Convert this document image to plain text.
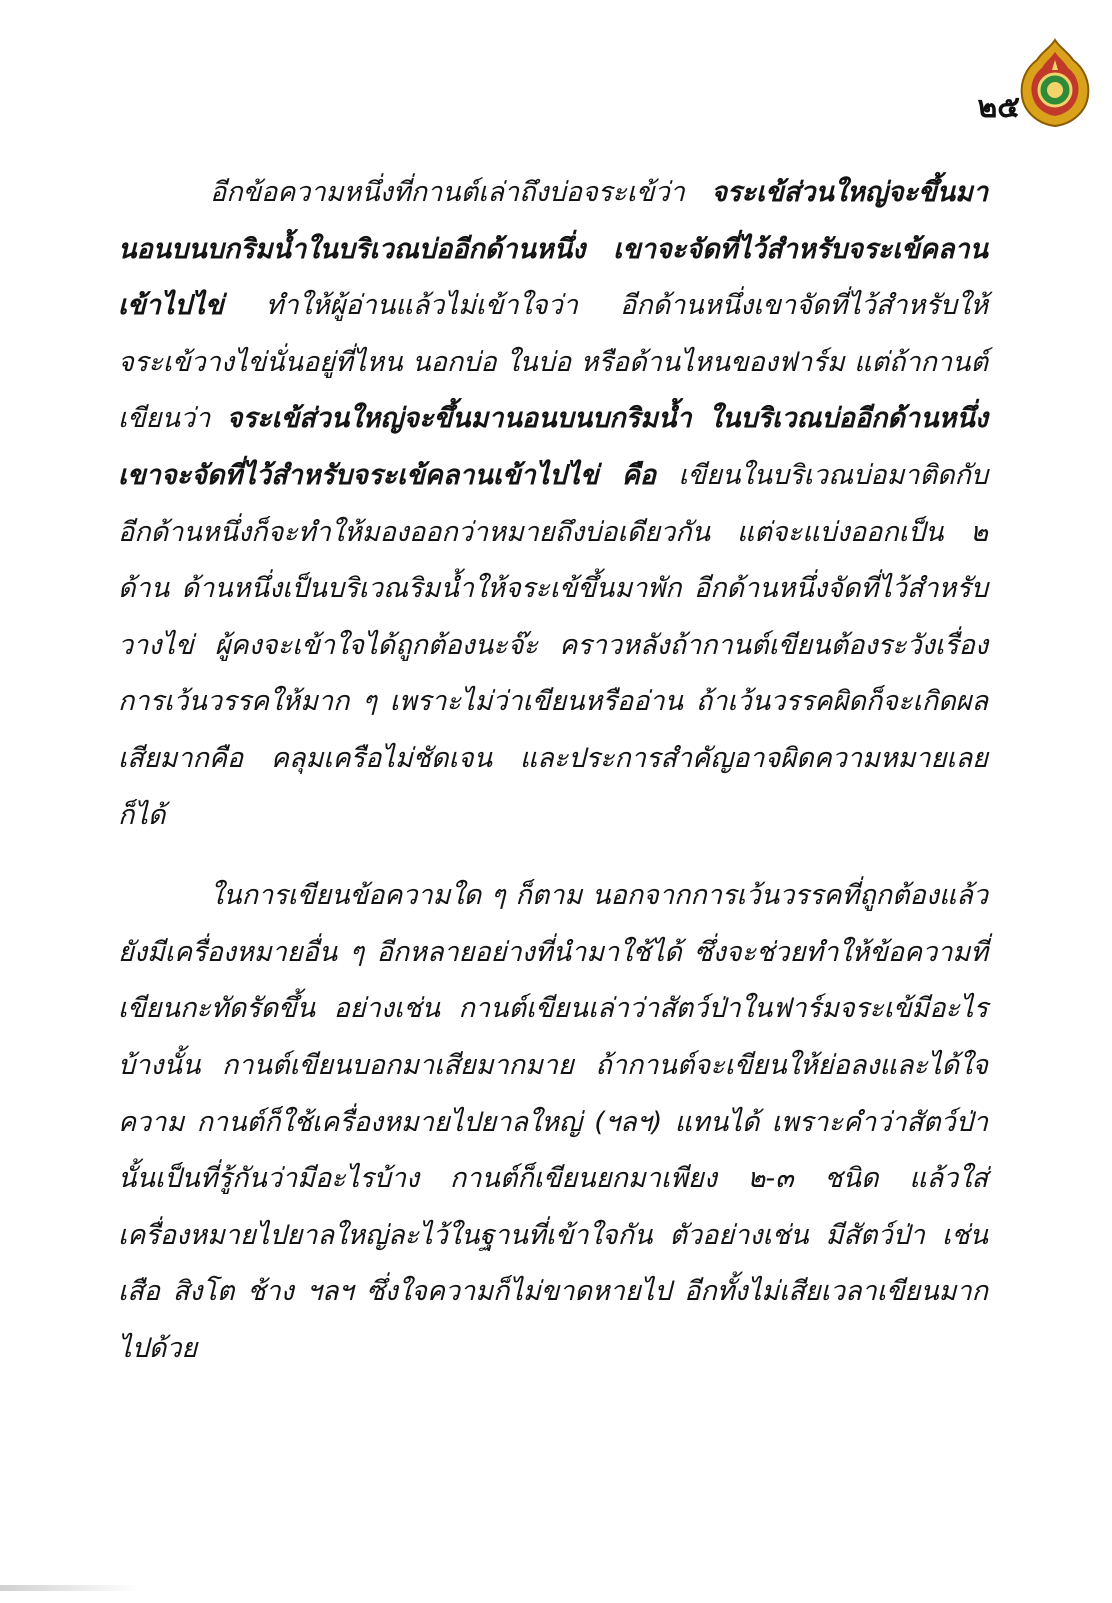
๒๕

อีกข้อความหนึ่งที่กานต์เล่าถึงบ่อจระเข้ว่า จระเข้ส่วนใหญ่จะขึ้นมานอนบนบกริมน้ำในบริเวณบ่ออีกด้านหนึ่ง เขาจะจัดที่ไว้สำหรับจระเข้คลานเข้าไปไข่ ทำให้ผู้อ่านแล้วไม่เข้าใจว่า อีกด้านหนึ่งเขาจัดที่ไว้สำหรับให้จระเข้วางไข่นั่นอยู่ที่ไหน นอกบ่อ ในบ่อ หรือด้านไหนของฟาร์ม แต่ถ้ากานต์เขียนว่า จระเข้ส่วนใหญ่จะขึ้นมานอนบนบกริมน้ำ ในบริเวณบ่ออีกด้านหนึ่ง เขาจะจัดที่ไว้สำหรับจระเข้คลานเข้าไปไข่ คือ เขียนในบริเวณบ่อมาติดกับอีกด้านหนึ่งก็จะทำให้มองออกว่าหมายถึงบ่อเดียวกัน แต่จะแบ่งออกเป็น ๒ ด้าน ด้านหนึ่งเป็นบริเวณริมน้ำให้จระเข้ขึ้นมาพัก อีกด้านหนึ่งจัดที่ไว้สำหรับวางไข่ ผู้คงจะเข้าใจได้ถูกต้องนะจ๊ะ คราวหลังถ้ากานต์เขียนต้องระวังเรื่อง การเว้นวรรคให้มาก ๆ เพราะไม่ว่าเขียนหรืออ่าน ถ้าเว้นวรรคผิดก็จะเกิดผลเสียมากคือ คลุมเครือไม่ชัดเจน และประการสำคัญอาจผิดความหมายเลยก็ได้

ในการเขียนข้อความใด ๆ ก็ตาม นอกจากการเว้นวรรคที่ถูกต้องแล้วยังมีเครื่องหมายอื่น ๆ อีกหลายอย่างที่นำมาใช้ได้ ซึ่งจะช่วยทำให้ข้อความที่เขียนกะทัดรัดขึ้น อย่างเช่น กานต์เขียนเล่าว่าสัตว์ป่าในฟาร์มจระเข้มีอะไรบ้างนั้น กานต์เขียนบอกมาเสียมากมาย ถ้ากานต์จะเขียนให้ย่อลงและได้ใจความ กานต์ก็ใช้เครื่องหมายไปยาลใหญ่ (ฯลฯ) แทนได้ เพราะคำว่าสัตว์ป่านั้นเป็นที่รู้กันว่ามีอะไรบ้าง กานต์ก็เขียนยกมาเพียง ๒-๓ ชนิด แล้วใส่เครื่องหมายไปยาลใหญ่ละไว้ในฐานที่เข้าใจกัน ตัวอย่างเช่น มีสัตว์ป่า เช่น เสือ สิงโต ช้าง ฯลฯ ซึ่งใจความก็ไม่ขาดหายไป อีกทั้งไม่เสียเวลาเขียนมากไปด้วย
